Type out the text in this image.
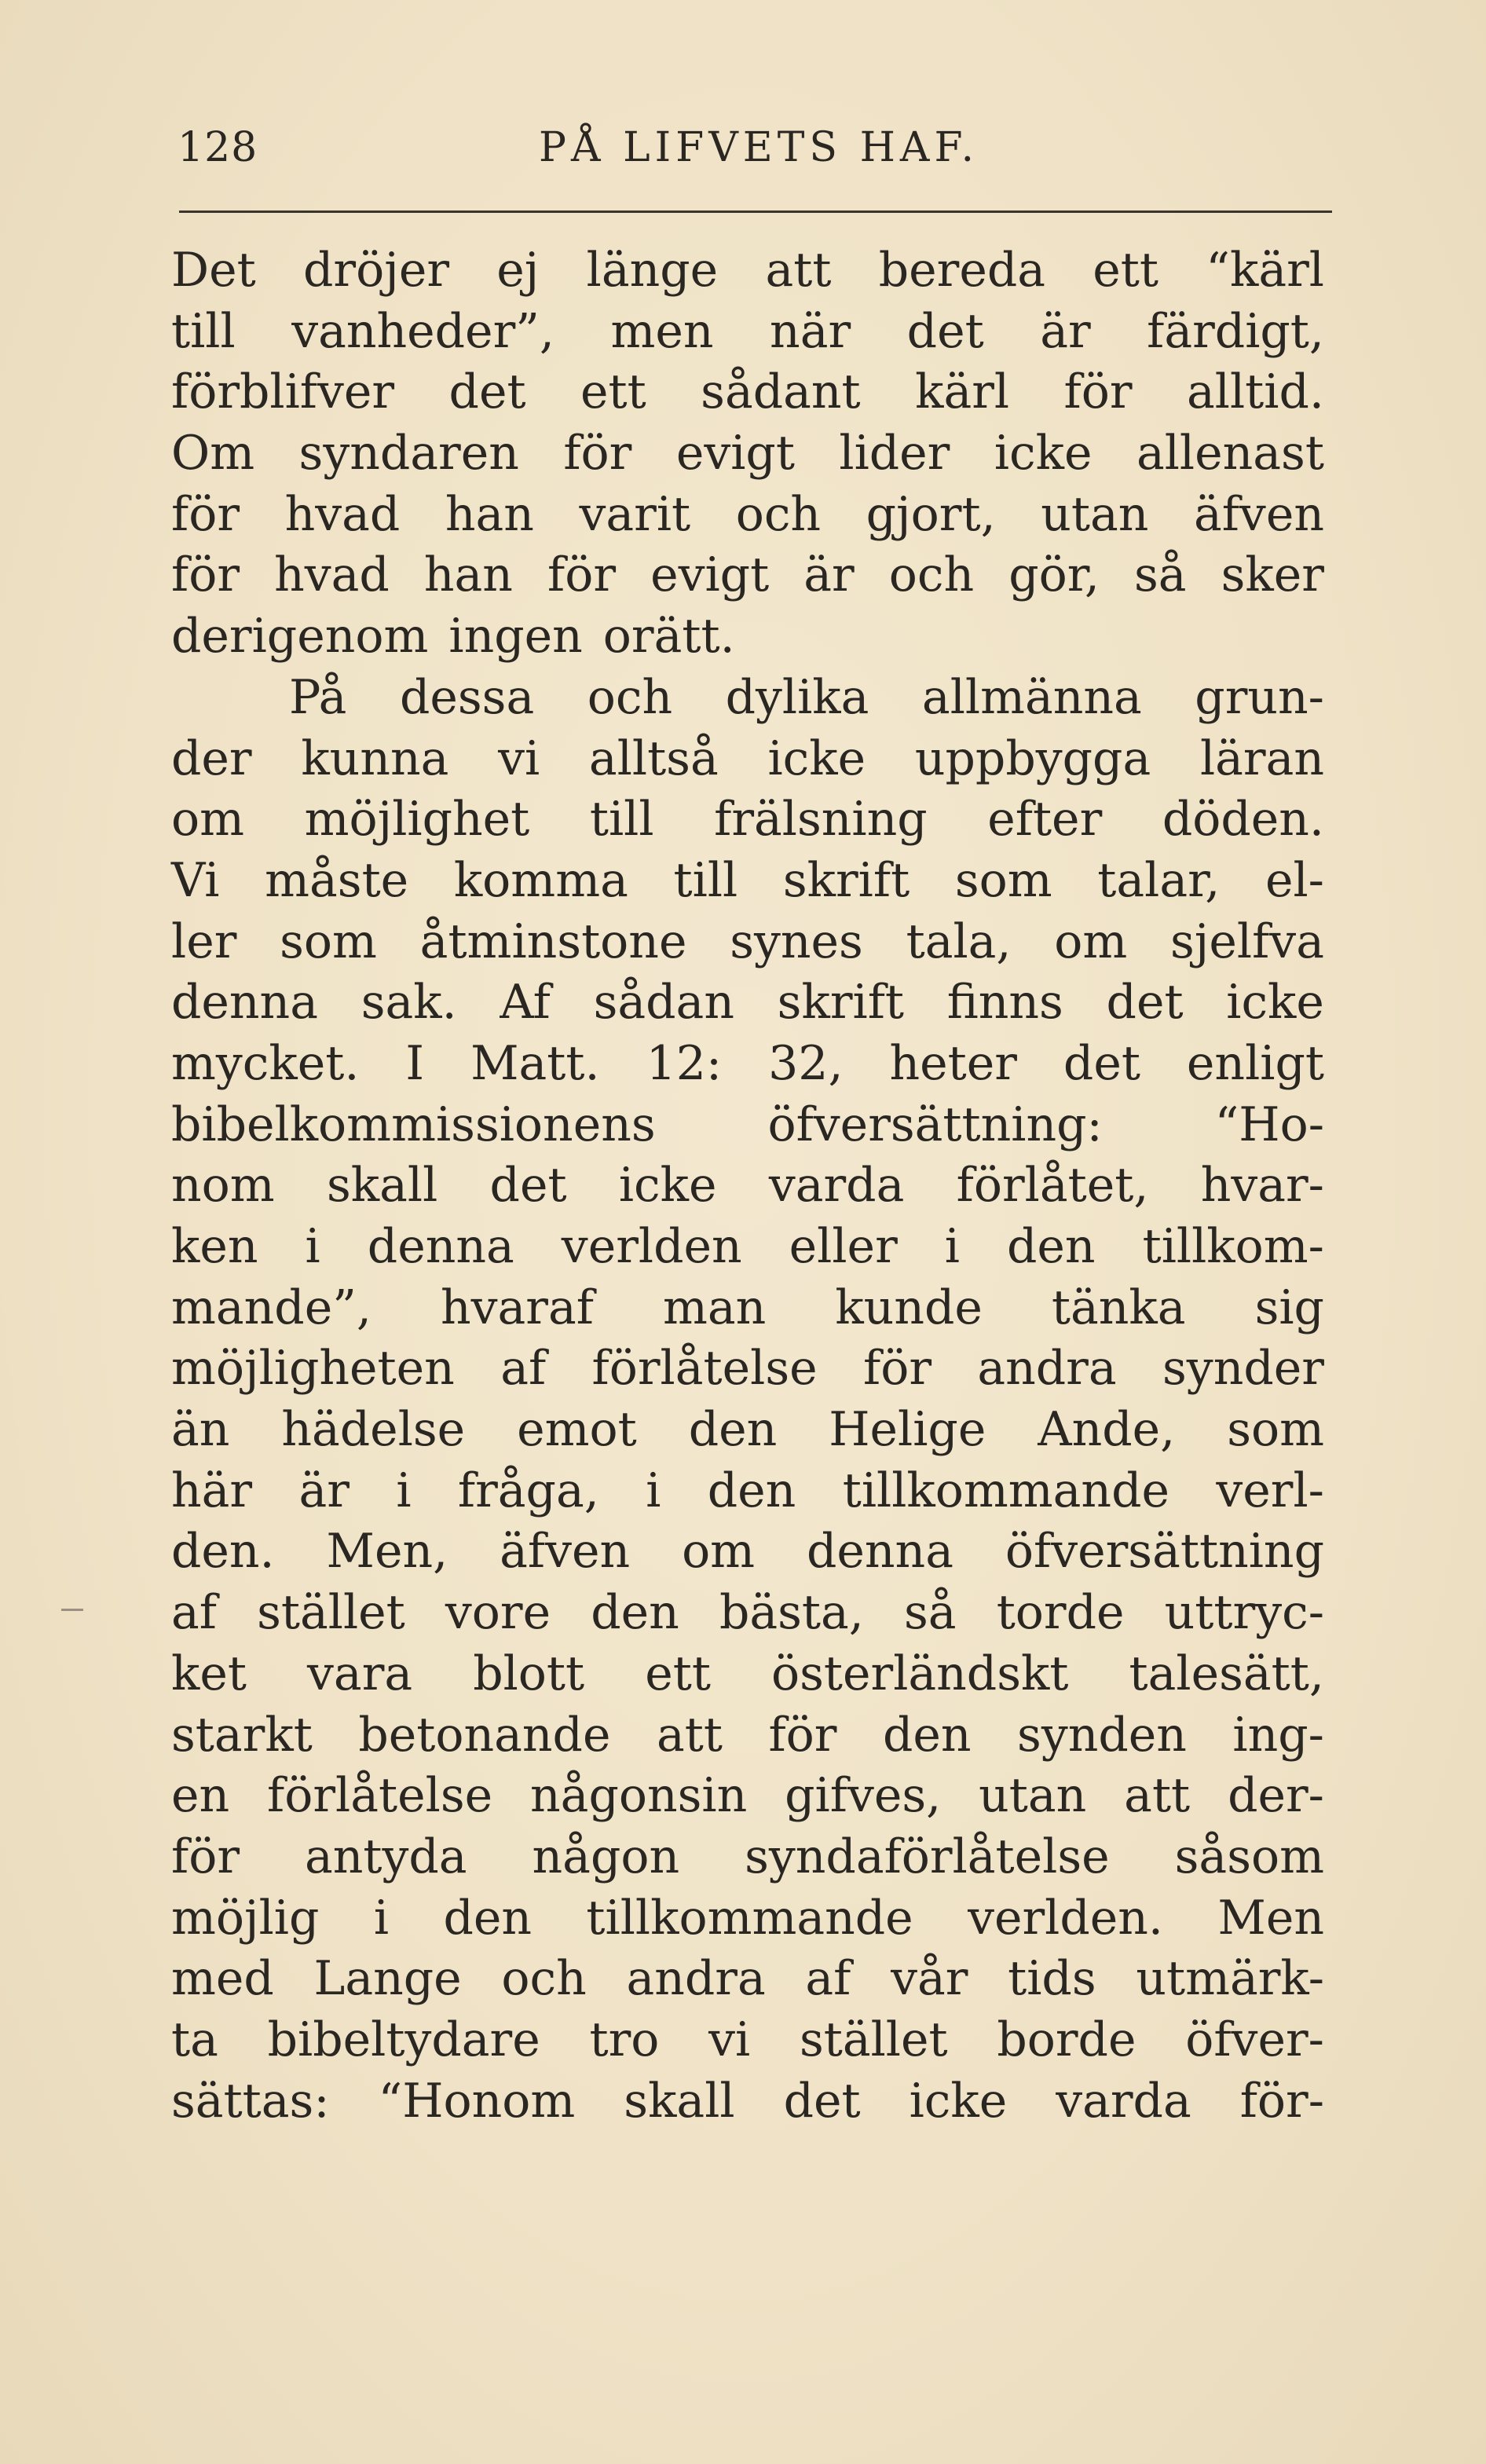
128	PÅ LIFVETS HAF.
Det dröjer ej länge att bereda ett “kärl
till vanheder”, men när det är färdigt,
förblifver det ett sådant kärl för alltid.
Om syndaren för evigt lider icke allenast
för hvad han varit och gjort, utan äfven
för hvad han för evigt är och gör, så sker
derigenom ingen orätt.
På dessa och dylika allmänna grun-
der kunna vi alltså icke uppbygga läran
om möjlighet till frälsning efter döden.
Vi måste komma till skrift som talar, el-
ler som åtminstone synes tala, om sjelfva
denna sak. Af sådan skrift finns det icke
mycket. I Matt. 12: 32, heter det enligt
bibelkommissionens öfversättning: “Ho-
nom skall det icke varda förlåtet, hvar-
ken i denna verlden eller i den tillkom-
mande”, hvaraf man kunde tänka sig
möjligheten af förlåtelse för andra synder
än hädelse emot den Helige Ande, som
här är i fråga, i den tillkommande verl-
den. Men, äfven om denna öfversättning
af stället vore den bästa, så torde uttryc-
ket vara blott ett österländskt talesätt,
starkt betonande att för den synden ing-
en förlåtelse någonsin gifves, utan att der-
för antyda någon syndaförlåtelse såsom
möjlig i den tillkommande verlden. Men
med Lange och andra af vår tids utmärk-
ta bibeltydare tro vi stället borde öfver-
sättas: “Honom skall det icke varda för-
